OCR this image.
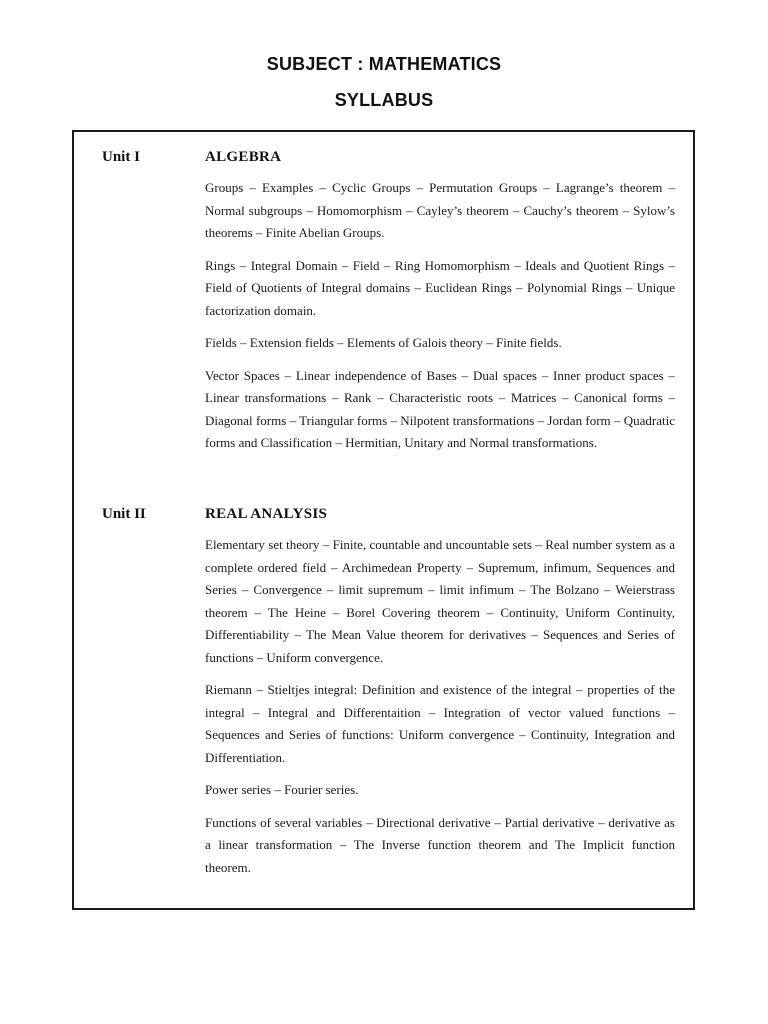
SUBJECT : MATHEMATICS
SYLLABUS
Unit I	ALGEBRA

Groups – Examples – Cyclic Groups – Permutation Groups – Lagrange’s theorem – Normal subgroups – Homomorphism – Cayley’s theorem – Cauchy’s theorem – Sylow’s theorems – Finite Abelian Groups.

Rings – Integral Domain – Field – Ring Homomorphism – Ideals and Quotient Rings – Field of Quotients of Integral domains – Euclidean Rings – Polynomial Rings – Unique factorization domain.

Fields – Extension fields – Elements of Galois theory – Finite fields.

Vector Spaces – Linear independence of Bases – Dual spaces – Inner product spaces – Linear transformations – Rank – Characteristic roots – Matrices – Canonical forms – Diagonal forms – Triangular forms – Nilpotent transformations – Jordan form – Quadratic forms and Classification – Hermitian, Unitary and Normal transformations.

Unit II	REAL ANALYSIS

Elementary set theory – Finite, countable and uncountable sets – Real number system as a complete ordered field – Archimedean Property – Supremum, infimum, Sequences and Series – Convergence – limit supremum – limit infimum – The Bolzano – Weierstrass theorem – The Heine – Borel Covering theorem – Continuity, Uniform Continuity, Differentiability – The Mean Value theorem for derivatives – Sequences and Series of functions – Uniform convergence.

Riemann – Stieltjes integral: Definition and existence of the integral – properties of the integral – Integral and Differentaition – Integration of vector valued functions – Sequences and Series of functions: Uniform convergence – Continuity, Integration and Differentiation.

Power series – Fourier series.

Functions of several variables – Directional derivative – Partial derivative – derivative as a linear transformation – The Inverse function theorem and The Implicit function theorem.
